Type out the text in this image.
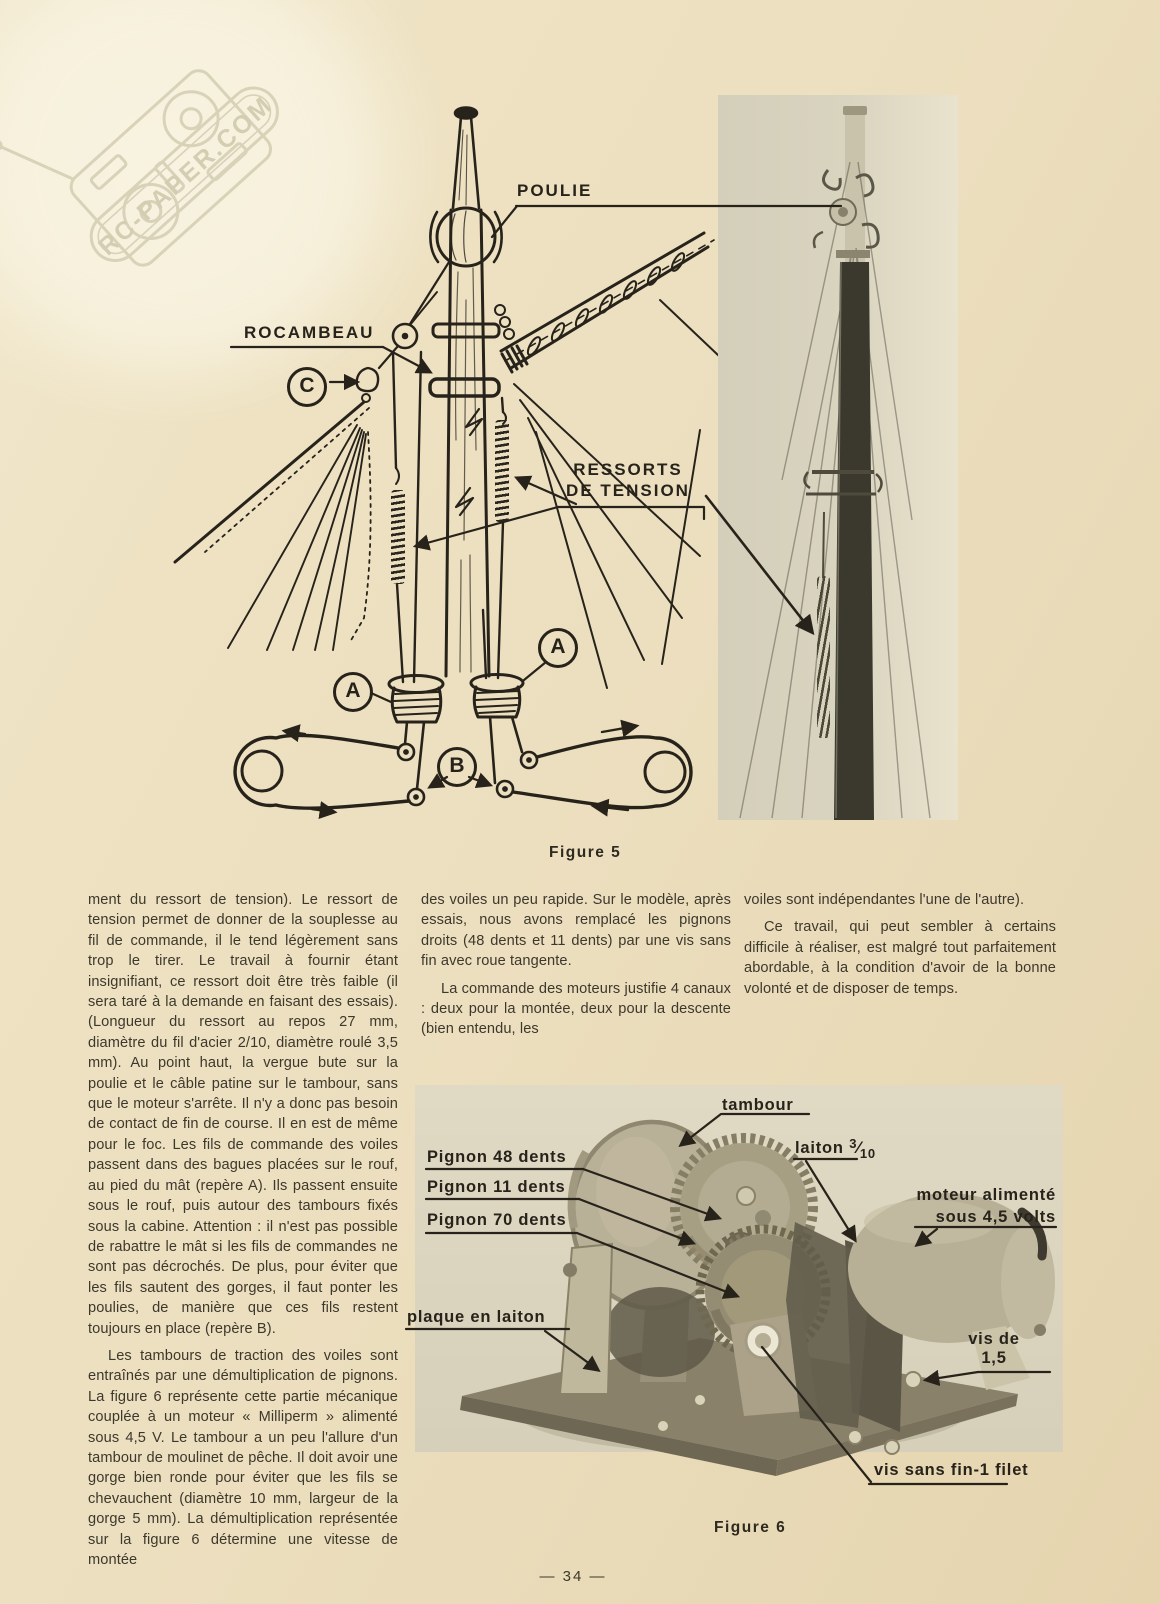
RC-PAPER.COM	POULIE
ROCAMBEAU
RESSORTS
DE TENSION
C
A
A
B
Figure 5

ment du ressort de tension). Le ressort de tension permet de donner de la souplesse au fil de commande, il le tend légèrement sans trop le tirer. Le travail à fournir étant insignifiant, ce ressort doit être très faible (il sera taré à la demande en faisant des essais). (Longueur du ressort au repos 27 mm, diamètre du fil d'acier 2/10, diamètre roulé 3,5 mm). Au point haut, la vergue bute sur la poulie et le câble patine sur le tambour, sans que le moteur s'arrête. Il n'y a donc pas besoin de contact de fin de course. Il en est de même pour le foc. Les fils de commande des voiles passent dans des bagues placées sur le rouf, au pied du mât (repère A). Ils passent ensuite sous le rouf, puis autour des tambours fixés sous la cabine. Attention : il n'est pas possible de rabattre le mât si les fils de commandes ne sont pas décrochés. De plus, pour éviter que les fils sautent des gorges, il faut ponter les poulies, de manière que ces fils restent toujours en place (repère B).

Les tambours de traction des voiles sont entraînés par une démultiplication de pignons. La figure 6 représente cette partie mécanique couplée à un moteur « Milliperm » alimenté sous 4,5 V. Le tambour a un peu l'allure d'un tambour de moulinet de pêche. Il doit avoir une gorge bien ronde pour éviter que les fils se chevauchent (diamètre 10 mm, largeur de la gorge 5 mm). La démultiplication représentée sur la figure 6 détermine une vitesse de montée

des voiles un peu rapide. Sur le modèle, après essais, nous avons remplacé les pignons droits (48 dents et 11 dents) par une vis sans fin avec roue tangente.

La commande des moteurs justifie 4 canaux : deux pour la montée, deux pour la descente (bien entendu, les

voiles sont indépendantes l'une de l'autre).

Ce travail, qui peut sembler à certains difficile à réaliser, est malgré tout parfaitement abordable, à la condition d'avoir de la bonne volonté et de disposer de temps.

tambour
laiton $^3⁄_{10}$
Pignon 48 dents
Pignon 11 dents
Pignon 70 dents
moteur alimenté
sous 4,5 volts
plaque en laiton
vis de
1,5
vis sans fin-1 filet
Figure 6
— 34 —
